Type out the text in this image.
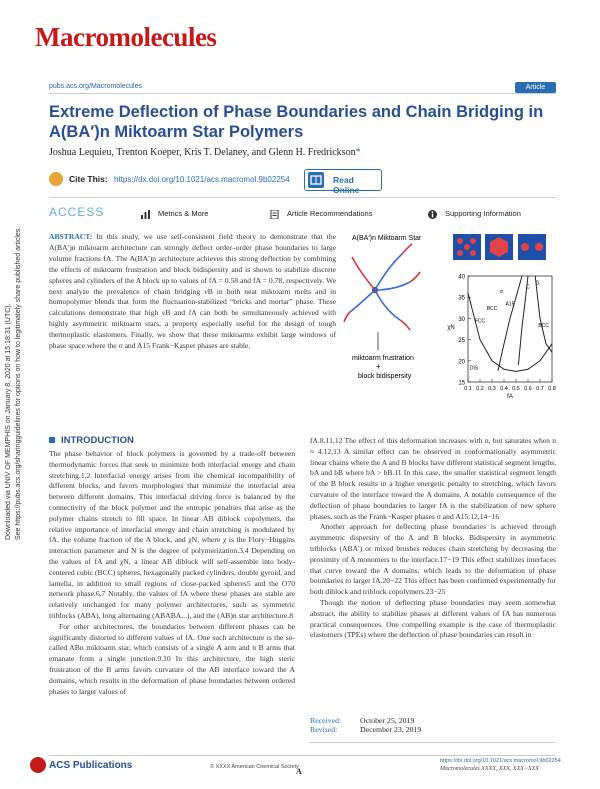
Macromolecules
pubs.acs.org/Macromolecules	Article
Extreme Deflection of Phase Boundaries and Chain Bridging in A(BA′)n Miktoarm Star Polymers
Joshua Lequieu, Trenton Koeper, Kris T. Delaney, and Glenn H. Fredrickson*
Cite This: https://dx.doi.org/10.1021/acs.macromol.9b02254	Read Online
ACCESS	Metrics & More	Article Recommendations	Supporting Information
ABSTRACT: In this study, we use self-consistent field theory to demonstrate that the A(BA′)n miktoarm architecture can strongly deflect order–order phase boundaries to large volume fractions fA. The A(BA′)n architecture achieves this strong deflection by combining the effects of miktoarm frustration and block bidispersity and is shown to stabilize discrete spheres and cylinders of the A block up to values of fA = 0.58 and fA = 0.78, respectively. We next analyze the prevalence of chain bridging νB in both neat miktoarm melts and in homopolymer blends that form the fluctuation-stabilized “bricks and mortar” phase. These calculations demonstrate that high νB and fA can both be simultaneously achieved with highly asymmetric miktoarm stars, a property especially useful for the design of tough thermoplastic elastomers. Finally, we show that these miktoarms exhibit large windows of phase space where the σ and A15 Frank−Kasper phases are stable.
A(BA′)n Miktoarm Star
miktoarm frustration
+
block bidispersity
15
20
25
30
35
40
0.1 0.2 0.3 0.4 0.5 0.6 0.7 0.8
fA
χN
DIS
FCC
BCC
A15
σ
C
G
BCC
Downloaded via UNIV OF MEMPHIS on January 8, 2020 at 15:18:31 (UTC). See https://pubs.acs.org/sharingguidelines for options on how to legitimately share published articles.	INTRODUCTION

The phase behavior of block polymers is governed by a trade-off between thermodynamic forces that seek to minimize both interfacial energy and chain stretching.1,2 Interfacial energy arises from the chemical incompatibility of different blocks, and favors morphologies that minimize the interfacial area between different domains. This interfacial driving force is balanced by the connectivity of the block polymer and the entropic penalties that arise as the polymer chains stretch to fill space. In linear AB diblock copolymers, the relative importance of interfacial energy and chain stretching is modulated by fA, the volume fraction of the A block, and χN, where χ is the Flory−Huggins interaction parameter and N is the degree of polymerization.3,4 Depending on the values of fA and χN, a linear AB diblock will self-assemble into body-centered cubic (BCC) spheres, hexagonally packed cylinders, double gyroid, and lamella, in addition to small regions of close-packed spheres5 and the O70 network phase.6,7 Notably, the values of fA where these phases are stable are relatively unchanged for many polymer architectures, such as symmetric triblocks (ABA), long alternating (ABABA...), and the (AB)n star architecture.8

For other architectures, the boundaries between different phases can be significantly distorted to different values of fA. One such architecture is the so-called ABn miktoarm star, which consists of a single A arm and n B arms that emanate from a single junction.9,10 In this architecture, the high steric frustration of the B arms favors curvature of the AB interface toward the A domains, which results in the deformation of phase boundaries between ordered phases to larger values of

fA.8,11,12 The effect of this deformation increases with n, but saturates when n ≈ 4.12,13 A similar effect can be observed in conformationally asymmetric linear chains where the A and B blocks have different statistical segment lengths, bA and bB where bA > bB.11 In this case, the smaller statistical segment length of the B block results in a higher energetic penalty to stretching, which favors curvature of the interface toward the A domains. A notable consequence of the deflection of phase boundaries to larger fA is the stabilization of new sphere phases, such as the Frank−Kasper phases σ and A15.12,14−16

Another approach for deflecting phase boundaries is achieved through asymmetric dispersity of the A and B blocks. Bidispersity in asymmetric triblocks (ABA′) or mixed brushes reduces chain stretching by decreasing the proximity of A monomers to the interface.17−19 This effect stabilizes interfaces that curve toward the A domains, which leads to the deformation of phase boundaries to larger fA.20−22 This effect has been confirmed experimentally for both diblock and triblock copolymers.23−25

Though the notion of deflecting phase boundaries may seem somewhat abstract, the ability to stabilize phases at different values of fA has numerous practical consequences. One compelling example is the case of thermoplastic elastomers (TPEs) where the deflection of phase boundaries can result in

Received: October 25, 2019
Revised:	December 23, 2019
ACS Publications	© XXXX American Chemical Society
A
https://dx.doi.org/10.1021/acs.macromol.9b02254
Macromolecules XXXX, XXX, XXX−XXX
